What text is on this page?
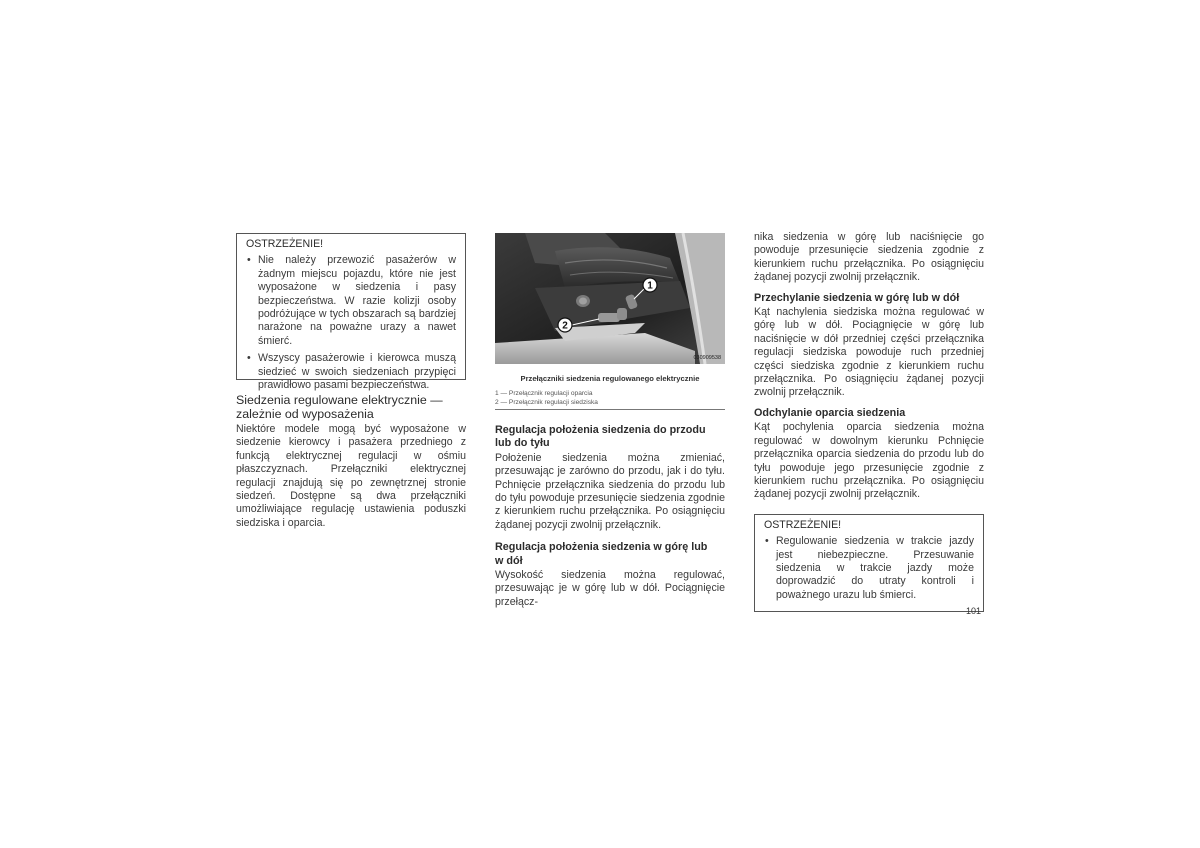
OSTRZEŻENIE!
• Nie należy przewozić pasażerów w żadnym miejscu pojazdu, które nie jest wyposażone w siedzenia i pasy bezpieczeństwa. W razie kolizji osoby podróżujące w tych obszarach są bardziej narażone na poważne urazy a nawet śmierć.
• Wszyscy pasażerowie i kierowca muszą siedzieć w swoich siedzeniach przypięci prawidłowo pasami bezpieczeństwa.
Siedzenia regulowane elektrycznie — zależnie od wyposażenia

Niektóre modele mogą być wyposażone w siedzenie kierowcy i pasażera przedniego z funkcją elektrycznej regulacji w ośmiu płaszczyznach. Przełączniki elektrycznej regulacji znajdują się po zewnętrznej stronie siedzeń. Dostępne są dwa przełączniki umożliwiające regulację ustawienia poduszki siedziska i oparcia.

1
2
030909538
Przełączniki siedzenia regulowanego elektrycznie
1 — Przełącznik regulacji oparcia
2 — Przełącznik regulacji siedziska
Regulacja położenia siedzenia do przodu lub do tyłu

Położenie siedzenia można zmieniać, przesuwając je zarówno do przodu, jak i do tyłu. Pchnięcie przełącznika siedzenia do przodu lub do tyłu powoduje przesunięcie siedzenia zgodnie z kierunkiem ruchu przełącznika. Po osiągnięciu żądanej pozycji zwolnij przełącznik.

Regulacja położenia siedzenia w górę lub w dół

Wysokość siedzenia można regulować, przesuwając je w górę lub w dół. Pociągnięcie przełącz-

nika siedzenia w górę lub naciśnięcie go powoduje przesunięcie siedzenia zgodnie z kierunkiem ruchu przełącznika. Po osiągnięciu żądanej pozycji zwolnij przełącznik.

Przechylanie siedzenia w górę lub w dół

Kąt nachylenia siedziska można regulować w górę lub w dół. Pociągnięcie w górę lub naciśnięcie w dół przedniej części przełącznika regulacji siedziska powoduje ruch przedniej części siedziska zgodnie z kierunkiem ruchu przełącznika. Po osiągnięciu żądanej pozycji zwolnij przełącznik.

Odchylanie oparcia siedzenia

Kąt pochylenia oparcia siedzenia można regulować w dowolnym kierunku Pchnięcie przełącznika oparcia siedzenia do przodu lub do tyłu powoduje jego przesunięcie zgodnie z kierunkiem ruchu przełącznika. Po osiągnięciu żądanej pozycji zwolnij przełącznik.

OSTRZEŻENIE!
• Regulowanie siedzenia w trakcie jazdy jest niebezpieczne. Przesuwanie siedzenia w trakcie jazdy może doprowadzić do utraty kontroli i poważnego urazu lub śmierci.
101
